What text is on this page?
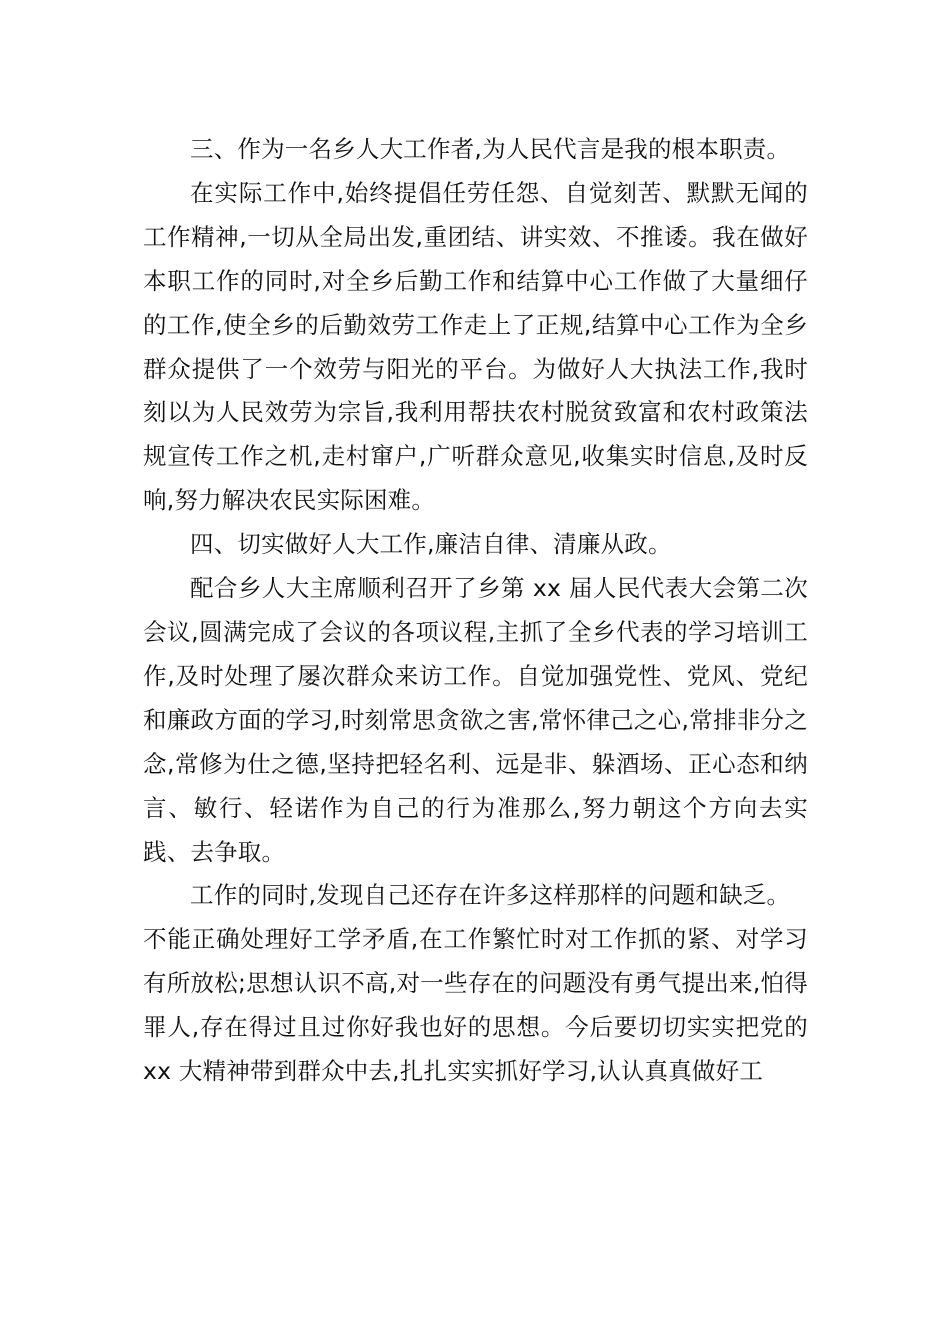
三、作为一名乡人大工作者,为人民代言是我的根本职责。

在实际工作中,始终提倡任劳任怨、自觉刻苦、默默无闻的工作精神,一切从全局出发,重团结、讲实效、不推诿。我在做好本职工作的同时,对全乡后勤工作和结算中心工作做了大量细仔的工作,使全乡的后勤效劳工作走上了正规,结算中心工作为全乡群众提供了一个效劳与阳光的平台。为做好人大执法工作,我时刻以为人民效劳为宗旨,我利用帮扶农村脱贫致富和农村政策法规宣传工作之机,走村窜户,广听群众意见,收集实时信息,及时反响,努力解决农民实际困难。

四、切实做好人大工作,廉洁自律、清廉从政。

配合乡人大主席顺利召开了乡第 xx 届人民代表大会第二次会议,圆满完成了会议的各项议程,主抓了全乡代表的学习培训工作,及时处理了屡次群众来访工作。自觉加强党性、党风、党纪和廉政方面的学习,时刻常思贪欲之害,常怀律己之心,常排非分之念,常修为仕之德,坚持把轻名利、远是非、躲酒场、正心态和纳言、敏行、轻诺作为自己的行为准那么,努力朝这个方向去实践、去争取。

工作的同时,发现自己还存在许多这样那样的问题和缺乏。

不能正确处理好工学矛盾,在工作繁忙时对工作抓的紧、对学习有所放松;思想认识不高,对一些存在的问题没有勇气提出来,怕得罪人,存在得过且过你好我也好的思想。今后要切切实实把党的 xx 大精神带到群众中去,扎扎实实抓好学习,认认真真做好工
